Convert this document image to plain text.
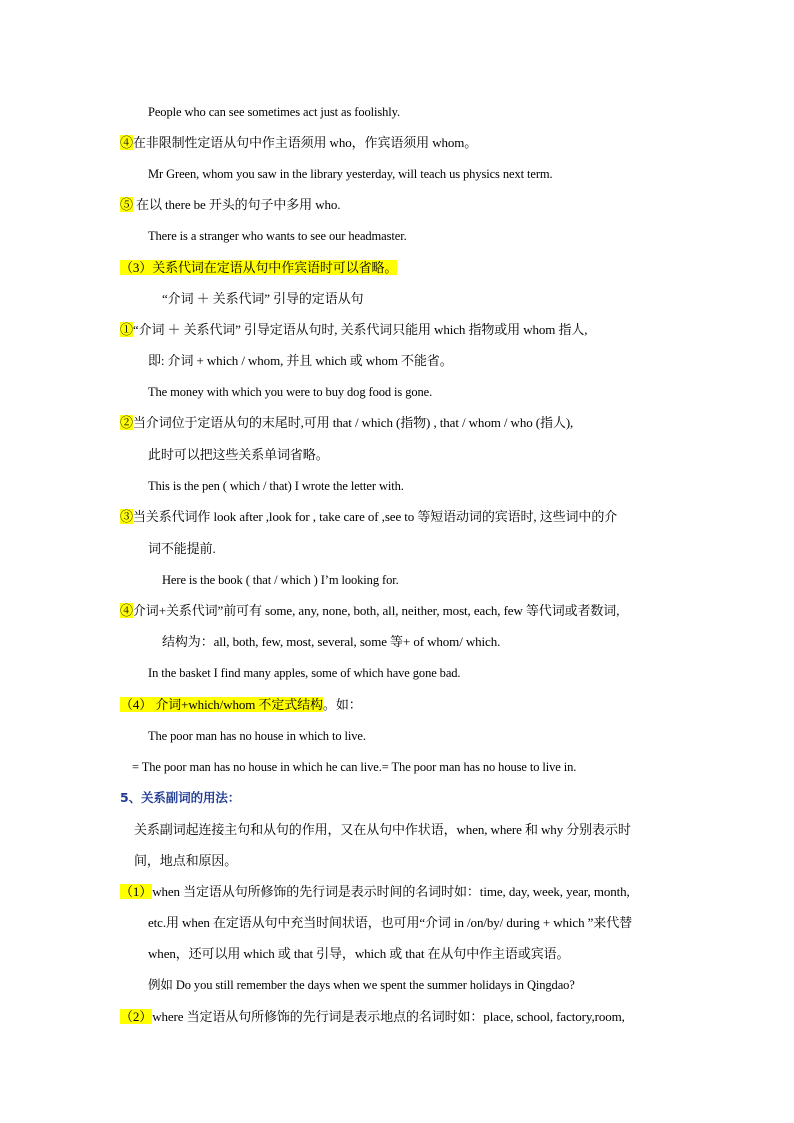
People who can see sometimes act just as foolishly.
④在非限制性定语从句中作主语须用 who，作宾语须用 whom。
Mr Green, whom you saw in the library yesterday, will teach us physics next term.
⑤ 在以 there be 开头的句子中多用 who.
There is a stranger who wants to see our headmaster.
（3）关系代词在定语从句中作宾语时可以省略。
“介词 ＋ 关系代词” 引导的定语从句
①“介词 ＋ 关系代词” 引导定语从句时, 关系代词只能用 which 指物或用 whom 指人,
即: 介词 + which / whom, 并且 which 或 whom 不能省。
The money with which you were to buy dog food is gone.
②当介词位于定语从句的末尾时,可用 that / which (指物) , that / whom / who (指人),
此时可以把这些关系单词省略。
This is the pen ( which / that) I wrote the letter with.
③当关系代词作 look after ,look for , take care of ,see to 等短语动词的宾语时, 这些词中的介
词不能提前.
Here is the book ( that / which ) I’m looking for.
④介词+关系代词”前可有 some, any, none, both, all, neither, most, each, few 等代词或者数词,
结构为：all, both, few, most, several, some 等+ of whom/ which.
In the basket I find many apples, some of which have gone bad.
（4） 介词+which/whom 不定式结构。如：
The poor man has no house in which to live.
= The poor man has no house in which he can live.= The poor man has no house to live in.
5、关系副词的用法：
关系副词起连接主句和从句的作用，又在从句中作状语，when, where 和 why 分别表示时
间，地点和原因。
（1）when 当定语从句所修饰的先行词是表示时间的名词时如：time, day, week, year, month,
etc.用 when 在定语从句中充当时间状语，也可用“介词 in /on/by/ during + which ”来代替
when，还可以用 which 或 that 引导，which 或 that 在从句中作主语或宾语。
例如 Do you still remember the days when we spent the summer holidays in Qingdao?
（2）where 当定语从句所修饰的先行词是表示地点的名词时如：place, school, factory,room,
